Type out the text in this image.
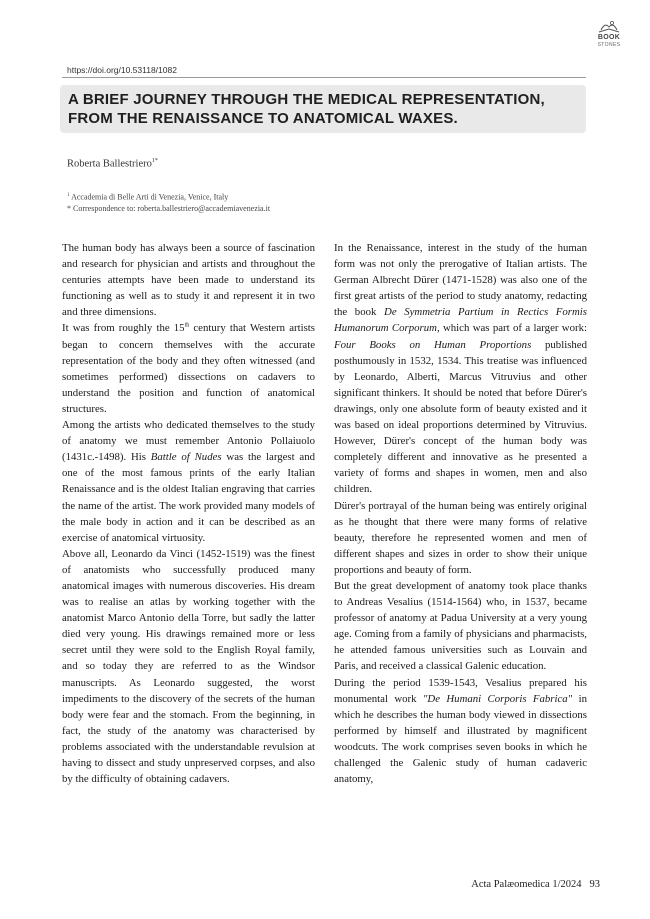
BOOK
STONES
https://doi.org/10.53118/1082
A BRIEF JOURNEY THROUGH THE MEDICAL REPRESENTATION, FROM THE RENAISSANCE TO ANATOMICAL WAXES.
Roberta Ballestriero$^{1*}$
$^1$ Accademia di Belle Arti di Venezia, Venice, Italy
* Correspondence to: roberta.ballestriero@accademiavenezia.it

The human body has always been a source of fascination and research for physician and artists and throughout the centuries attempts have been made to understand its functioning as well as to study it and represent it in two and three dimensions.

It was from roughly the 15th century that Western artists began to concern themselves with the accurate representation of the body and they often witnessed (and sometimes performed) dissections on cadavers to understand the position and function of anatomical structures.

Among the artists who dedicated themselves to the study of anatomy we must remember Antonio Pollaiuolo (1431c.-1498). His Battle of Nudes was the largest and one of the most famous prints of the early Italian Renaissance and is the oldest Italian engraving that carries the name of the artist. The work provided many models of the male body in action and it can be described as an exercise of anatomical virtuosity.

Above all, Leonardo da Vinci (1452-1519) was the finest of anatomists who successfully produced many anatomical images with numerous discoveries. His dream was to realise an atlas by working together with the anatomist Marco Antonio della Torre, but sadly the latter died very young. His drawings remained more or less secret until they were sold to the English Royal family, and so today they are referred to as the Windsor manuscripts. As Leonardo suggested, the worst impediments to the discovery of the secrets of the human body were fear and the stomach. From the beginning, in fact, the study of the anatomy was characterised by problems associated with the understandable revulsion at having to dissect and study unpreserved corpses, and also by the difficulty of obtaining cadavers.

In the Renaissance, interest in the study of the human form was not only the prerogative of Italian artists. The German Albrecht Dürer (1471-1528) was also one of the first great artists of the period to study anatomy, redacting the book De Symmetria Partium in Rectics Formis Humanorum Corporum, which was part of a larger work: Four Books on Human Proportions published posthumously in 1532, 1534. This treatise was influenced by Leonardo, Alberti, Marcus Vitruvius and other significant thinkers. It should be noted that before Dürer's drawings, only one absolute form of beauty existed and it was based on ideal proportions determined by Vitruvius. However, Dürer's concept of the human body was completely different and innovative as he presented a variety of forms and shapes in women, men and also children.

Dürer's portrayal of the human being was entirely original as he thought that there were many forms of relative beauty, therefore he represented women and men of different shapes and sizes in order to show their unique proportions and beauty of form.

But the great development of anatomy took place thanks to Andreas Vesalius (1514-1564) who, in 1537, became professor of anatomy at Padua University at a very young age. Coming from a family of physicians and pharmacists, he attended famous universities such as Louvain and Paris, and received a classical Galenic education.

During the period 1539-1543, Vesalius prepared his monumental work "De Humani Corporis Fabrica" in which he describes the human body viewed in dissections performed by himself and illustrated by magnificent woodcuts. The work comprises seven books in which he challenged the Galenic study of human cadaveric anatomy,

Acta Palæomedica 1/2024 93
